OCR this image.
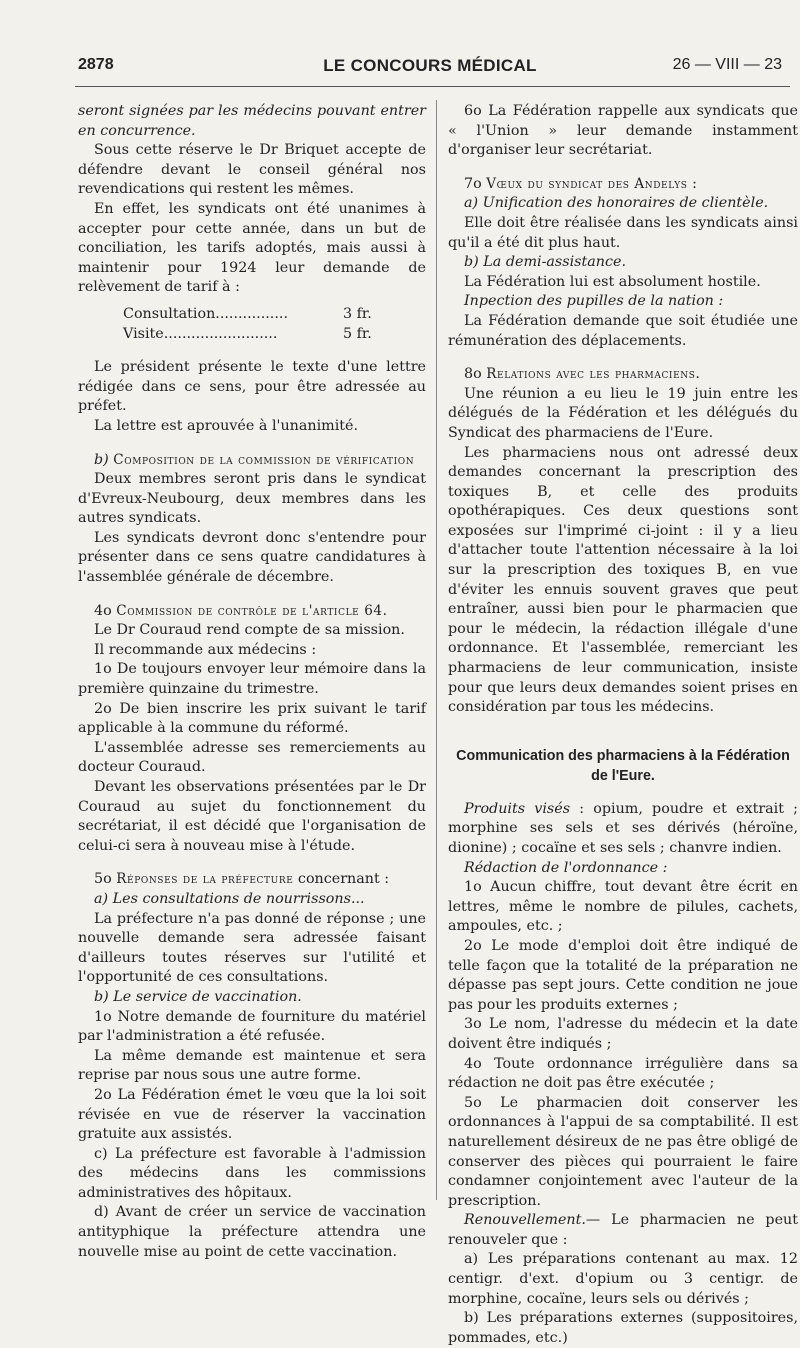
2878	LE CONCOURS MÉDICAL	26 — VIII — 23

seront signées par les médecins pouvant entrer en concurrence.

Sous cette réserve le Dr Briquet accepte de défendre devant le conseil général nos revendications qui restent les mêmes.

En effet, les syndicats ont été unanimes à accepter pour cette année, dans un but de conciliation, les tarifs adoptés, mais aussi à maintenir pour 1924 leur demande de relèvement de tarif à :

Consultation................	3 fr.
Visite.........................	5 fr.

Le président présente le texte d'une lettre rédigée dans ce sens, pour être adressée au préfet.

La lettre est aprouvée à l'unanimité.

b) Composition de la commission de vérification

Deux membres seront pris dans le syndicat d'Evreux-Neubourg, deux membres dans les autres syndicats.

Les syndicats devront donc s'entendre pour présenter dans ce sens quatre candidatures à l'assemblée générale de décembre.

4o Commission de contrôle de l'article 64.

Le Dr Couraud rend compte de sa mission.

Il recommande aux médecins :

1o De toujours envoyer leur mémoire dans la première quinzaine du trimestre.

2o De bien inscrire les prix suivant le tarif applicable à la commune du réformé.

L'assemblée adresse ses remerciements au docteur Couraud.

Devant les observations présentées par le Dr Couraud au sujet du fonctionnement du secrétariat, il est décidé que l'organisation de celui-ci sera à nouveau mise à l'étude.

5o Réponses de la préfecture concernant :

a) Les consultations de nourrissons...

La préfecture n'a pas donné de réponse ; une nouvelle demande sera adressée faisant d'ailleurs toutes réserves sur l'utilité et l'opportunité de ces consultations.

b) Le service de vaccination.

1o Notre demande de fourniture du matériel par l'administration a été refusée.

La même demande est maintenue et sera reprise par nous sous une autre forme.

2o La Fédération émet le vœu que la loi soit révisée en vue de réserver la vaccination gratuite aux assistés.

c) La préfecture est favorable à l'admission des médecins dans les commissions administratives des hôpitaux.

d) Avant de créer un service de vaccination antityphique la préfecture attendra une nouvelle mise au point de cette vaccination.

6o La Fédération rappelle aux syndicats que « l'Union » leur demande instamment d'organiser leur secrétariat.

7o Vœux du syndicat des Andelys :

a) Unification des honoraires de clientèle.

Elle doit être réalisée dans les syndicats ainsi qu'il a été dit plus haut.

b) La demi-assistance.

La Fédération lui est absolument hostile.

Inpection des pupilles de la nation :

La Fédération demande que soit étudiée une rémunération des déplacements.

8o Relations avec les pharmaciens.

Une réunion a eu lieu le 19 juin entre les délégués de la Fédération et les délégués du Syndicat des pharmaciens de l'Eure.

Les pharmaciens nous ont adressé deux demandes concernant la prescription des toxiques B, et celle des produits opothérapiques. Ces deux questions sont exposées sur l'imprimé ci-joint : il y a lieu d'attacher toute l'attention nécessaire à la loi sur la prescription des toxiques B, en vue d'éviter les ennuis souvent graves que peut entraîner, aussi bien pour le pharmacien que pour le médecin, la rédaction illégale d'une ordonnance. Et l'assemblée, remerciant les pharmaciens de leur communication, insiste pour que leurs deux demandes soient prises en considération par tous les médecins.

Communication des pharmaciens à la Fédération
de l'Eure.

Produits visés : opium, poudre et extrait ; morphine ses sels et ses dérivés (héroïne, dionine) ; cocaïne et ses sels ; chanvre indien.

Rédaction de l'ordonnance :

1o Aucun chiffre, tout devant être écrit en lettres, même le nombre de pilules, cachets, ampoules, etc. ;

2o Le mode d'emploi doit être indiqué de telle façon que la totalité de la préparation ne dépasse pas sept jours. Cette condition ne joue pas pour les produits externes ;

3o Le nom, l'adresse du médecin et la date doivent être indiqués ;

4o Toute ordonnance irrégulière dans sa rédaction ne doit pas être exécutée ;

5o Le pharmacien doit conserver les ordonnances à l'appui de sa comptabilité. Il est naturellement désireux de ne pas être obligé de conserver des pièces qui pourraient le faire condamner conjointement avec l'auteur de la prescription.

Renouvellement.— Le pharmacien ne peut renouveler que :

a) Les préparations contenant au max. 12 centigr. d'ext. d'opium ou 3 centigr. de morphine, cocaïne, leurs sels ou dérivés ;

b) Les préparations externes (suppositoires, pommades, etc.)
